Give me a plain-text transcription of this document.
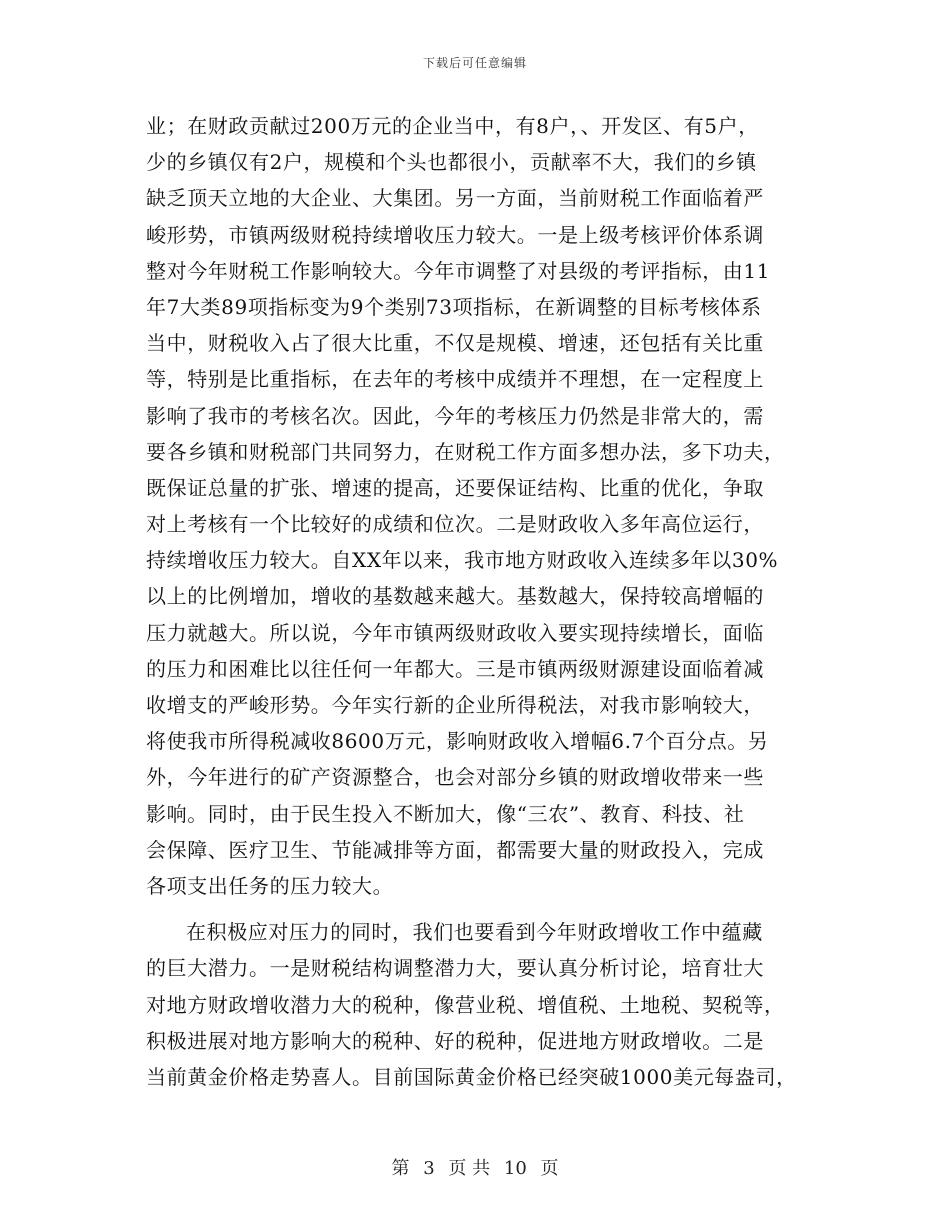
下载后可任意编辑
业；在财政贡献过200万元的企业当中，有8户，、开发区、有5户，
少的乡镇仅有2户，规模和个头也都很小，贡献率不大，我们的乡镇
缺乏顶天立地的大企业、大集团。另一方面，当前财税工作面临着严
峻形势，市镇两级财税持续增收压力较大。一是上级考核评价体系调
整对今年财税工作影响较大。今年市调整了对县级的考评指标，由11
年7大类89项指标变为9个类别73项指标，在新调整的目标考核体系
当中，财税收入占了很大比重，不仅是规模、增速，还包括有关比重
等，特别是比重指标，在去年的考核中成绩并不理想，在一定程度上
影响了我市的考核名次。因此，今年的考核压力仍然是非常大的，需
要各乡镇和财税部门共同努力，在财税工作方面多想办法，多下功夫，
既保证总量的扩张、增速的提高，还要保证结构、比重的优化，争取
对上考核有一个比较好的成绩和位次。二是财政收入多年高位运行，
持续增收压力较大。自XX年以来，我市地方财政收入连续多年以30%
以上的比例增加，增收的基数越来越大。基数越大，保持较高增幅的
压力就越大。所以说，今年市镇两级财政收入要实现持续增长，面临
的压力和困难比以往任何一年都大。三是市镇两级财源建设面临着减
收增支的严峻形势。今年实行新的企业所得税法，对我市影响较大，
将使我市所得税减收8600万元，影响财政收入增幅6.7个百分点。另
外，今年进行的矿产资源整合，也会对部分乡镇的财政增收带来一些
影响。同时，由于民生投入不断加大，像“三农”、教育、科技、社
会保障、医疗卫生、节能减排等方面，都需要大量的财政投入，完成
各项支出任务的压力较大。
在积极应对压力的同时，我们也要看到今年财政增收工作中蕴藏
的巨大潜力。一是财税结构调整潜力大，要认真分析讨论，培育壮大
对地方财政增收潜力大的税种，像营业税、增值税、土地税、契税等，
积极进展对地方影响大的税种、好的税种，促进地方财政增收。二是
当前黄金价格走势喜人。目前国际黄金价格已经突破1000美元每盎司，
第 3 页 共 10 页
